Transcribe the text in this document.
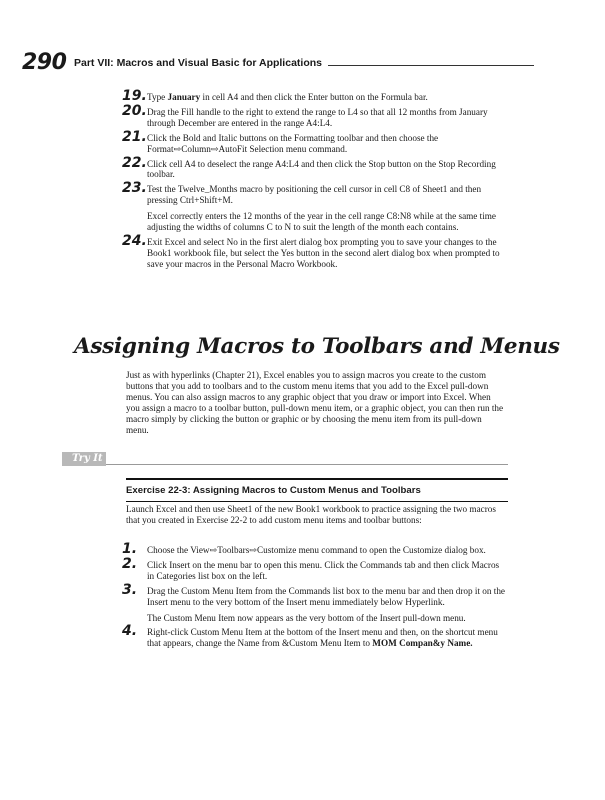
290 Part VII: Macros and Visual Basic for Applications
19. Type January in cell A4 and then click the Enter button on the Formula bar.

20. Drag the Fill handle to the right to extend the range to L4 so that all 12 months from January through December are entered in the range A4:L4.

21. Click the Bold and Italic buttons on the Formatting toolbar and then choose the Format⇨Column⇨AutoFit Selection menu command.

22. Click cell A4 to deselect the range A4:L4 and then click the Stop button on the Stop Recording toolbar.

23. Test the Twelve_Months macro by positioning the cell cursor in cell C8 of Sheet1 and then pressing Ctrl+Shift+M.

Excel correctly enters the 12 months of the year in the cell range C8:N8 while at the same time adjusting the widths of columns C to N to suit the length of the month each contains.

24. Exit Excel and select No in the first alert dialog box prompting you to save your changes to the Book1 workbook file, but select the Yes button in the second alert dialog box when prompted to save your macros in the Personal Macro Workbook.

Assigning Macros to Toolbars and Menus

Just as with hyperlinks (Chapter 21), Excel enables you to assign macros you create to the custom buttons that you add to toolbars and to the custom menu items that you add to the Excel pull-down menus. You can also assign macros to any graphic object that you draw or import into Excel. When you assign a macro to a toolbar button, pull-down menu item, or a graphic object, you can then run the macro simply by clicking the button or graphic or by choosing the menu item from its pull-down menu.

Try It
Exercise 22-3: Assigning Macros to Custom Menus and Toolbars

Launch Excel and then use Sheet1 of the new Book1 workbook to practice assigning the two macros that you created in Exercise 22-2 to add custom menu items and toolbar buttons:

1. Choose the View⇨Toolbars⇨Customize menu command to open the Customize dialog box.

2. Click Insert on the menu bar to open this menu. Click the Commands tab and then click Macros in Categories list box on the left.

3. Drag the Custom Menu Item from the Commands list box to the menu bar and then drop it on the Insert menu to the very bottom of the Insert menu immediately below Hyperlink.

The Custom Menu Item now appears as the very bottom of the Insert pull-down menu.

4. Right-click Custom Menu Item at the bottom of the Insert menu and then, on the shortcut menu that appears, change the Name from &Custom Menu Item to MOM Compan&y Name.
